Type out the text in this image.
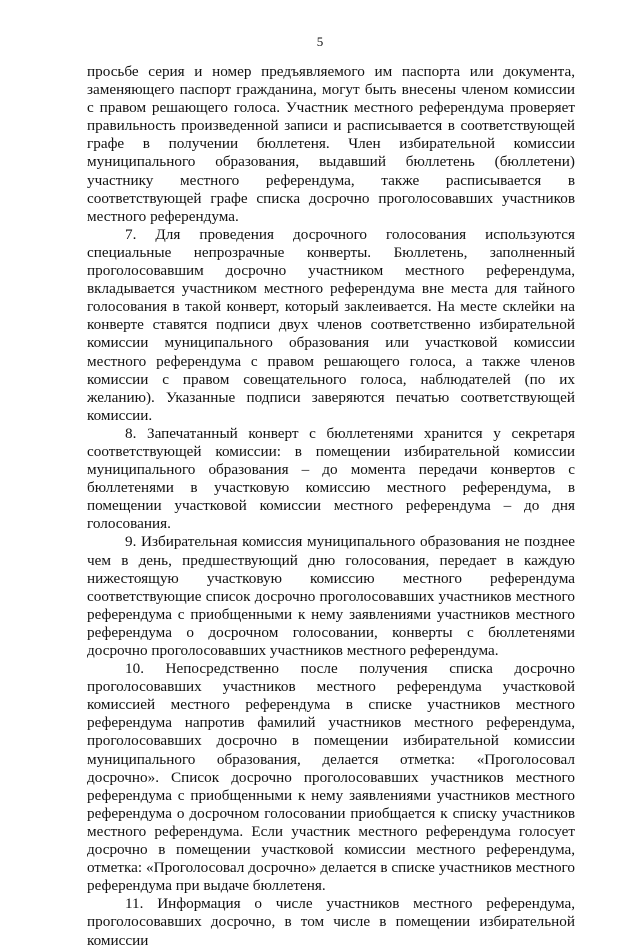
5

просьбе серия и номер предъявляемого им паспорта или документа, заменяющего паспорт гражданина, могут быть внесены членом комиссии с правом решающего голоса. Участник местного референдума проверяет правильность произведенной записи и расписывается в соответствующей графе в получении бюллетеня. Член избирательной комиссии муниципального образования, выдавший бюллетень (бюллетени) участнику местного референдума, также расписывается в соответствующей графе списка досрочно проголосовавших участников местного референдума.

7. Для проведения досрочного голосования используются специальные непрозрачные конверты. Бюллетень, заполненный проголосовавшим досрочно участником местного референдума, вкладывается участником местного референдума вне места для тайного голосования в такой конверт, который заклеивается. На месте склейки на конверте ставятся подписи двух членов соответственно избирательной комиссии муниципального образования или участковой комиссии местного референдума с правом решающего голоса, а также членов комиссии с правом совещательного голоса, наблюдателей (по их желанию). Указанные подписи заверяются печатью соответствующей комиссии.

8. Запечатанный конверт с бюллетенями хранится у секретаря соответствующей комиссии: в помещении избирательной комиссии муниципального образования – до момента передачи конвертов с бюллетенями в участковую комиссию местного референдума, в помещении участковой комиссии местного референдума – до дня голосования.

9. Избирательная комиссия муниципального образования не позднее чем в день, предшествующий дню голосования, передает в каждую нижестоящую участковую комиссию местного референдума соответствующие список досрочно проголосовавших участников местного референдума с приобщенными к нему заявлениями участников местного референдума о досрочном голосовании, конверты с бюллетенями досрочно проголосовавших участников местного референдума.

10. Непосредственно после получения списка досрочно проголосовавших участников местного референдума участковой комиссией местного референдума в списке участников местного референдума напротив фамилий участников местного референдума, проголосовавших досрочно в помещении избирательной комиссии муниципального образования, делается отметка: «Проголосовал досрочно». Список досрочно проголосовавших участников местного референдума с приобщенными к нему заявлениями участников местного референдума о досрочном голосовании приобщается к списку участников местного референдума. Если участник местного референдума голосует досрочно в помещении участковой комиссии местного референдума, отметка: «Проголосовал досрочно» делается в списке участников местного референдума при выдаче бюллетеня.

11. Информация о числе участников местного референдума, проголосовавших досрочно, в том числе в помещении избирательной комиссии
